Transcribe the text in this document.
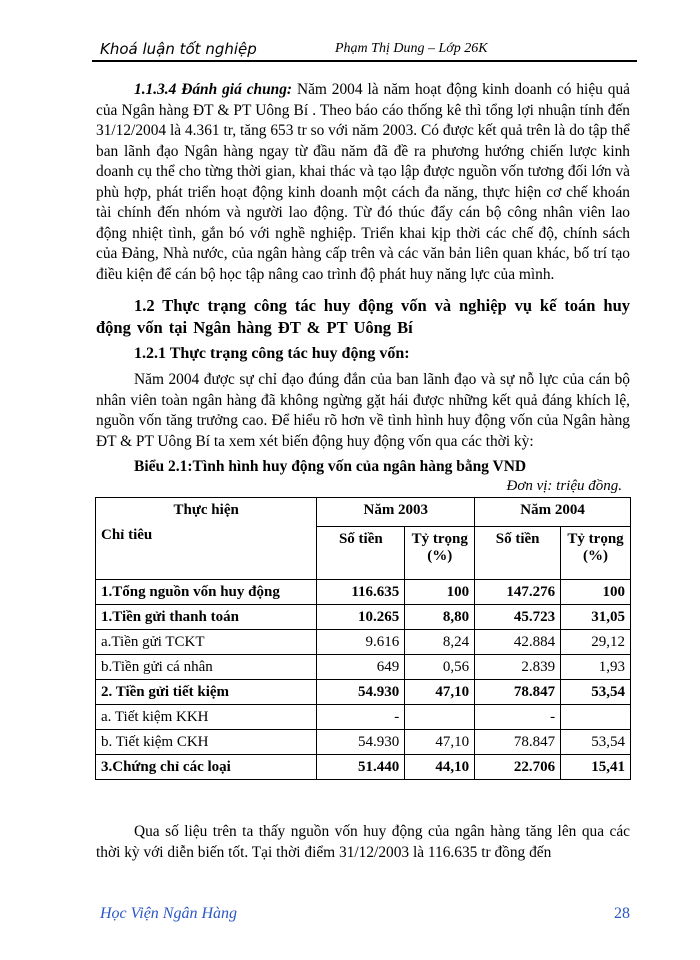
Khoá luận tốt nghiệp	Phạm Thị Dung – Lớp 26K

1.1.3.4 Đánh giá chung: Năm 2004 là năm hoạt động kinh doanh có hiệu quả của Ngân hàng ĐT & PT Uông Bí . Theo báo cáo thống kê thì tổng lợi nhuận tính đến 31/12/2004 là 4.361 tr, tăng 653 tr so với năm 2003. Có được kết quả trên là do tập thể ban lãnh đạo Ngân hàng ngay từ đầu năm đã đề ra phương hướng chiến lược kinh doanh cụ thể cho từng thời gian, khai thác và tạo lập được nguồn vốn tương đối lớn và phù hợp, phát triển hoạt động kinh doanh một cách đa năng, thực hiện cơ chế khoán tài chính đến nhóm và người lao động. Từ đó thúc đẩy cán bộ công nhân viên lao động nhiệt tình, gắn bó với nghề nghiệp. Triển khai kịp thời các chế độ, chính sách của Đảng, Nhà nước, của ngân hàng cấp trên và các văn bản liên quan khác, bố trí tạo điều kiện để cán bộ học tập nâng cao trình độ phát huy năng lực của mình.

1.2 Thực trạng công tác huy động vốn và nghiệp vụ kế toán huy động vốn tại Ngân hàng ĐT & PT Uông Bí
1.2.1 Thực trạng công tác huy động vốn:

Năm 2004 được sự chỉ đạo đúng đắn của ban lãnh đạo và sự nỗ lực của cán bộ nhân viên toàn ngân hàng đã không ngừng gặt hái được những kết quả đáng khích lệ, nguồn vốn tăng trưởng cao. Để hiểu rõ hơn về tình hình huy động vốn của Ngân hàng ĐT & PT Uông Bí ta xem xét biến động huy động vốn qua các thời kỳ:

Biểu 2.1:Tình hình huy động vốn của ngân hàng bằng VND
Đơn vị: triệu đồng.
Thực hiện
Chỉ tiêu	Năm 2003		Năm 2004	
	Số tiền	Tỷ trọng (%)	Số tiền	Tỷ trọng (%)
1.Tổng nguồn vốn huy động	116.635	100	147.276	100
1.Tiền gửi thanh toán	10.265	8,80	45.723	31,05
a.Tiền gửi TCKT	9.616	8,24	42.884	29,12
b.Tiền gửi cá nhân	649	0,56	2.839	1,93
2. Tiền gửi tiết kiệm	54.930	47,10	78.847	53,54
a. Tiết kiệm KKH	-		-	
b. Tiết kiệm CKH	54.930	47,10	78.847	53,54
3.Chứng chỉ các loại	51.440	44,10	22.706	15,41

Qua số liệu trên ta thấy nguồn vốn huy động của ngân hàng tăng lên qua các thời kỳ với diễn biến tốt. Tại thời điểm 31/12/2003 là 116.635 tr đồng đến

Học Viện Ngân Hàng	28
